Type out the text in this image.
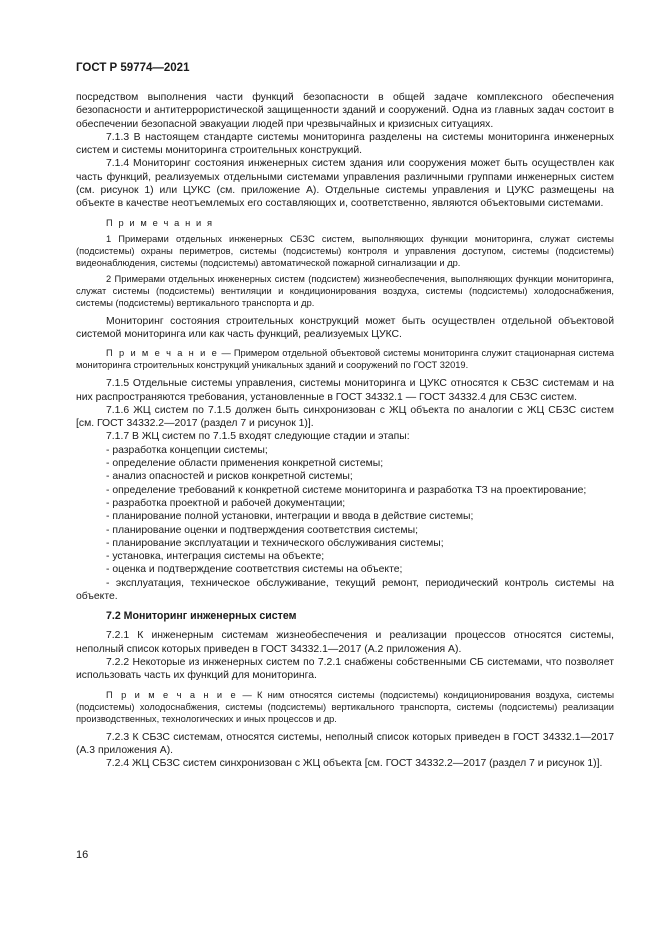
ГОСТ Р 59774—2021

посредством выполнения части функций безопасности в общей задаче комплексного обеспечения безопасности и антитеррористической защищенности зданий и сооружений. Одна из главных задач состоит в обеспечении безопасной эвакуации людей при чрезвычайных и кризисных ситуациях.

7.1.3 В настоящем стандарте системы мониторинга разделены на системы мониторинга инженерных систем и системы мониторинга строительных конструкций.

7.1.4 Мониторинг состояния инженерных систем здания или сооружения может быть осуществлен как часть функций, реализуемых отдельными системами управления различными группами инженерных систем (см. рисунок 1) или ЦУКС (см. приложение А). Отдельные системы управления и ЦУКС размещены на объекте в качестве неотъемлемых его составляющих и, соответственно, являются объектовыми системами.

П р и м е ч а н и я

1 Примерами отдельных инженерных СБЗС систем, выполняющих функции мониторинга, служат системы (подсистемы) охраны периметров, системы (подсистемы) контроля и управления доступом, системы (подсистемы) видеонаблюдения, системы (подсистемы) автоматической пожарной сигнализации и др.

2 Примерами отдельных инженерных систем (подсистем) жизнеобеспечения, выполняющих функции мониторинга, служат системы (подсистемы) вентиляции и кондиционирования воздуха, системы (подсистемы) холодоснабжения, системы (подсистемы) вертикального транспорта и др.

Мониторинг состояния строительных конструкций может быть осуществлен отдельной объектовой системой мониторинга или как часть функций, реализуемых ЦУКС.

П р и м е ч а н и е — Примером отдельной объектовой системы мониторинга служит стационарная система мониторинга строительных конструкций уникальных зданий и сооружений по ГОСТ 32019.

7.1.5 Отдельные системы управления, системы мониторинга и ЦУКС относятся к СБЗС системам и на них распространяются требования, установленные в ГОСТ 34332.1 — ГОСТ 34332.4 для СБЗС систем.

7.1.6 ЖЦ систем по 7.1.5 должен быть синхронизован с ЖЦ объекта по аналогии с ЖЦ СБЗС систем [см. ГОСТ 34332.2—2017 (раздел 7 и рисунок 1)].

7.1.7 В ЖЦ систем по 7.1.5 входят следующие стадии и этапы:

- разработка концепции системы;
- определение области применения конкретной системы;
- анализ опасностей и рисков конкретной системы;
- определение требований к конкретной системе мониторинга и разработка ТЗ на проектирование;
- разработка проектной и рабочей документации;
- планирование полной установки, интеграции и ввода в действие системы;
- планирование оценки и подтверждения соответствия системы;
- планирование эксплуатации и технического обслуживания системы;
- установка, интеграция системы на объекте;
- оценка и подтверждение соответствия системы на объекте;
- эксплуатация, техническое обслуживание, текущий ремонт, периодический контроль системы на объекте.
7.2 Мониторинг инженерных систем

7.2.1 К инженерным системам жизнеобеспечения и реализации процессов относятся системы, неполный список которых приведен в ГОСТ 34332.1—2017 (А.2 приложения А).

7.2.2 Некоторые из инженерных систем по 7.2.1 снабжены собственными СБ системами, что позволяет использовать часть их функций для мониторинга.

П р и м е ч а н и е — К ним относятся системы (подсистемы) кондиционирования воздуха, системы (подсистемы) холодоснабжения, системы (подсистемы) вертикального транспорта, системы (подсистемы) реализации производственных, технологических и иных процессов и др.

7.2.3 К СБЗС системам, относятся системы, неполный список которых приведен в ГОСТ 34332.1—2017 (А.3 приложения А).

7.2.4 ЖЦ СБЗС систем синхронизован с ЖЦ объекта [см. ГОСТ 34332.2—2017 (раздел 7 и рисунок 1)].

16
